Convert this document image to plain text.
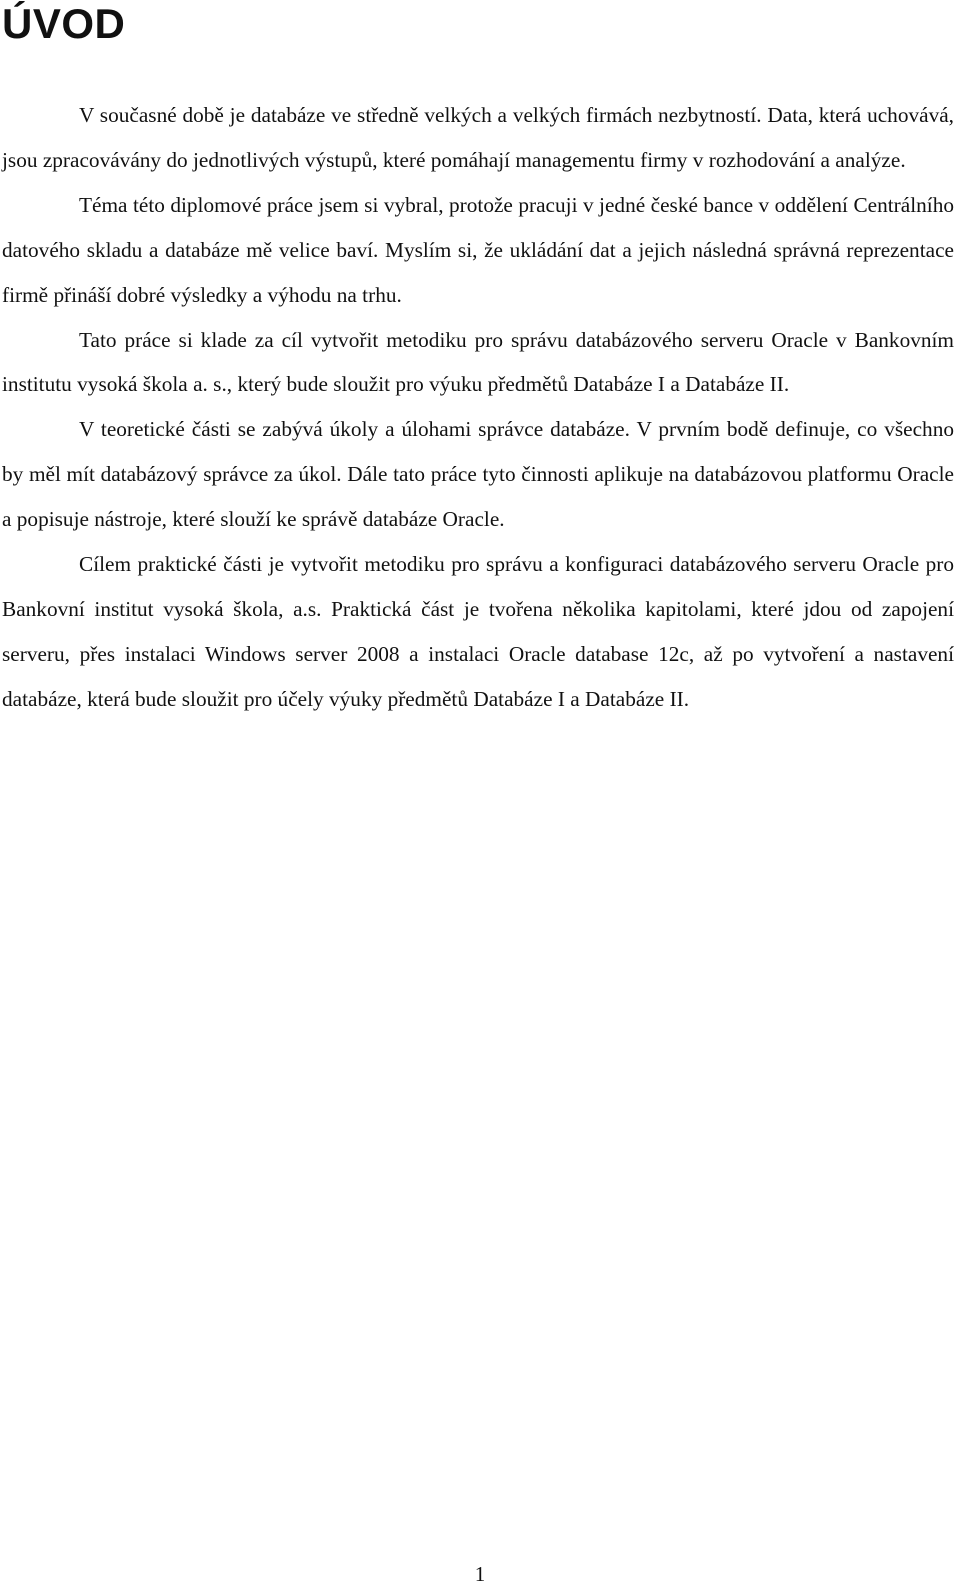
ÚVOD

V současné době je databáze ve středně velkých a velkých firmách nezbytností. Data, která uchovává, jsou zpracovávány do jednotlivých výstupů, které pomáhají managementu firmy v rozhodování a analýze.

Téma této diplomové práce jsem si vybral, protože pracuji v jedné české bance v oddělení Centrálního datového skladu a databáze mě velice baví. Myslím si, že ukládání dat a jejich následná správná reprezentace firmě přináší dobré výsledky a výhodu na trhu.

Tato práce si klade za cíl vytvořit metodiku pro správu databázového serveru Oracle v Bankovním institutu vysoká škola a. s., který bude sloužit pro výuku předmětů Databáze I a Databáze II.

V teoretické části se zabývá úkoly a úlohami správce databáze. V prvním bodě definuje, co všechno by měl mít databázový správce za úkol. Dále tato práce tyto činnosti aplikuje na databázovou platformu Oracle a popisuje nástroje, které slouží ke správě databáze Oracle.

Cílem praktické části je vytvořit metodiku pro správu a konfiguraci databázového serveru Oracle pro Bankovní institut vysoká škola, a.s. Praktická část je tvořena několika kapitolami, které jdou od zapojení serveru, přes instalaci Windows server 2008 a instalaci Oracle database 12c, až po vytvoření a nastavení databáze, která bude sloužit pro účely výuky předmětů Databáze I a Databáze II.

1
